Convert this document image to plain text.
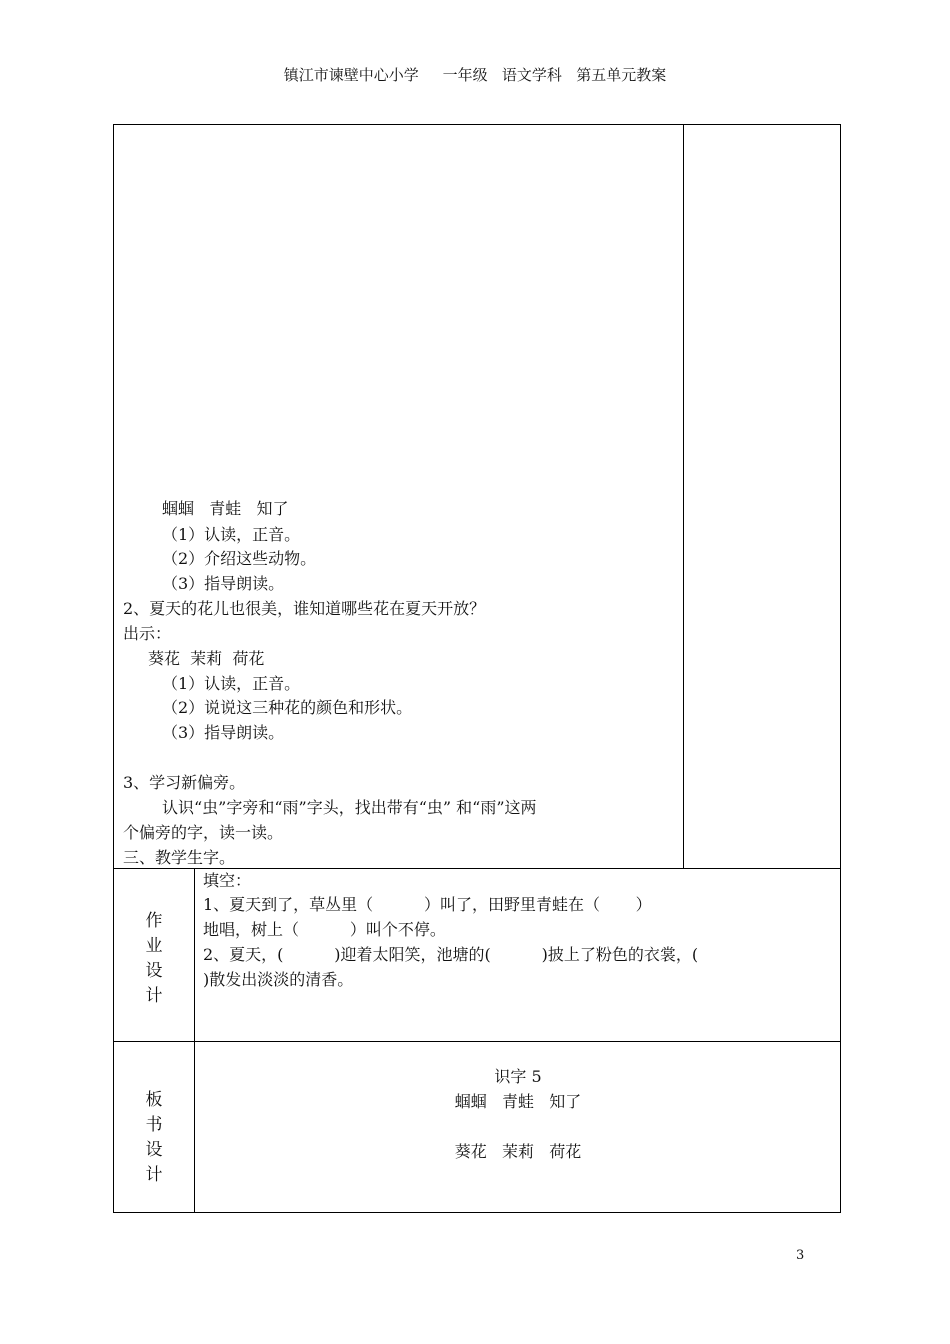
镇江市谏壁中心小学     一年级   语文学科   第五单元教案
蝈蝈   青蛙   知了
（1）认读，正音。
（2）介绍这些动物。
（3）指导朗读。
2、夏天的花儿也很美，谁知道哪些花在夏天开放？
出示：
葵花  茉莉  荷花
（1）认读，正音。
（2）说说这三种花的颜色和形状。
（3）指导朗读。
3、学习新偏旁。
认识“虫”字旁和“雨”字头，找出带有“虫” 和“雨”这两
个偏旁的字，读一读。
三、教学生字。
作
业
设
计
填空：
1、夏天到了，草丛里（          ）叫了，田野里青蛙在（       ）
地唱，树上（          ）叫个不停。
2、夏天，(          )迎着太阳笑，池塘的(          )披上了粉色的衣裳，(
)散发出淡淡的清香。
板
书
设
计
识字 5
蝈蝈   青蛙   知了
葵花   茉莉   荷花
3
